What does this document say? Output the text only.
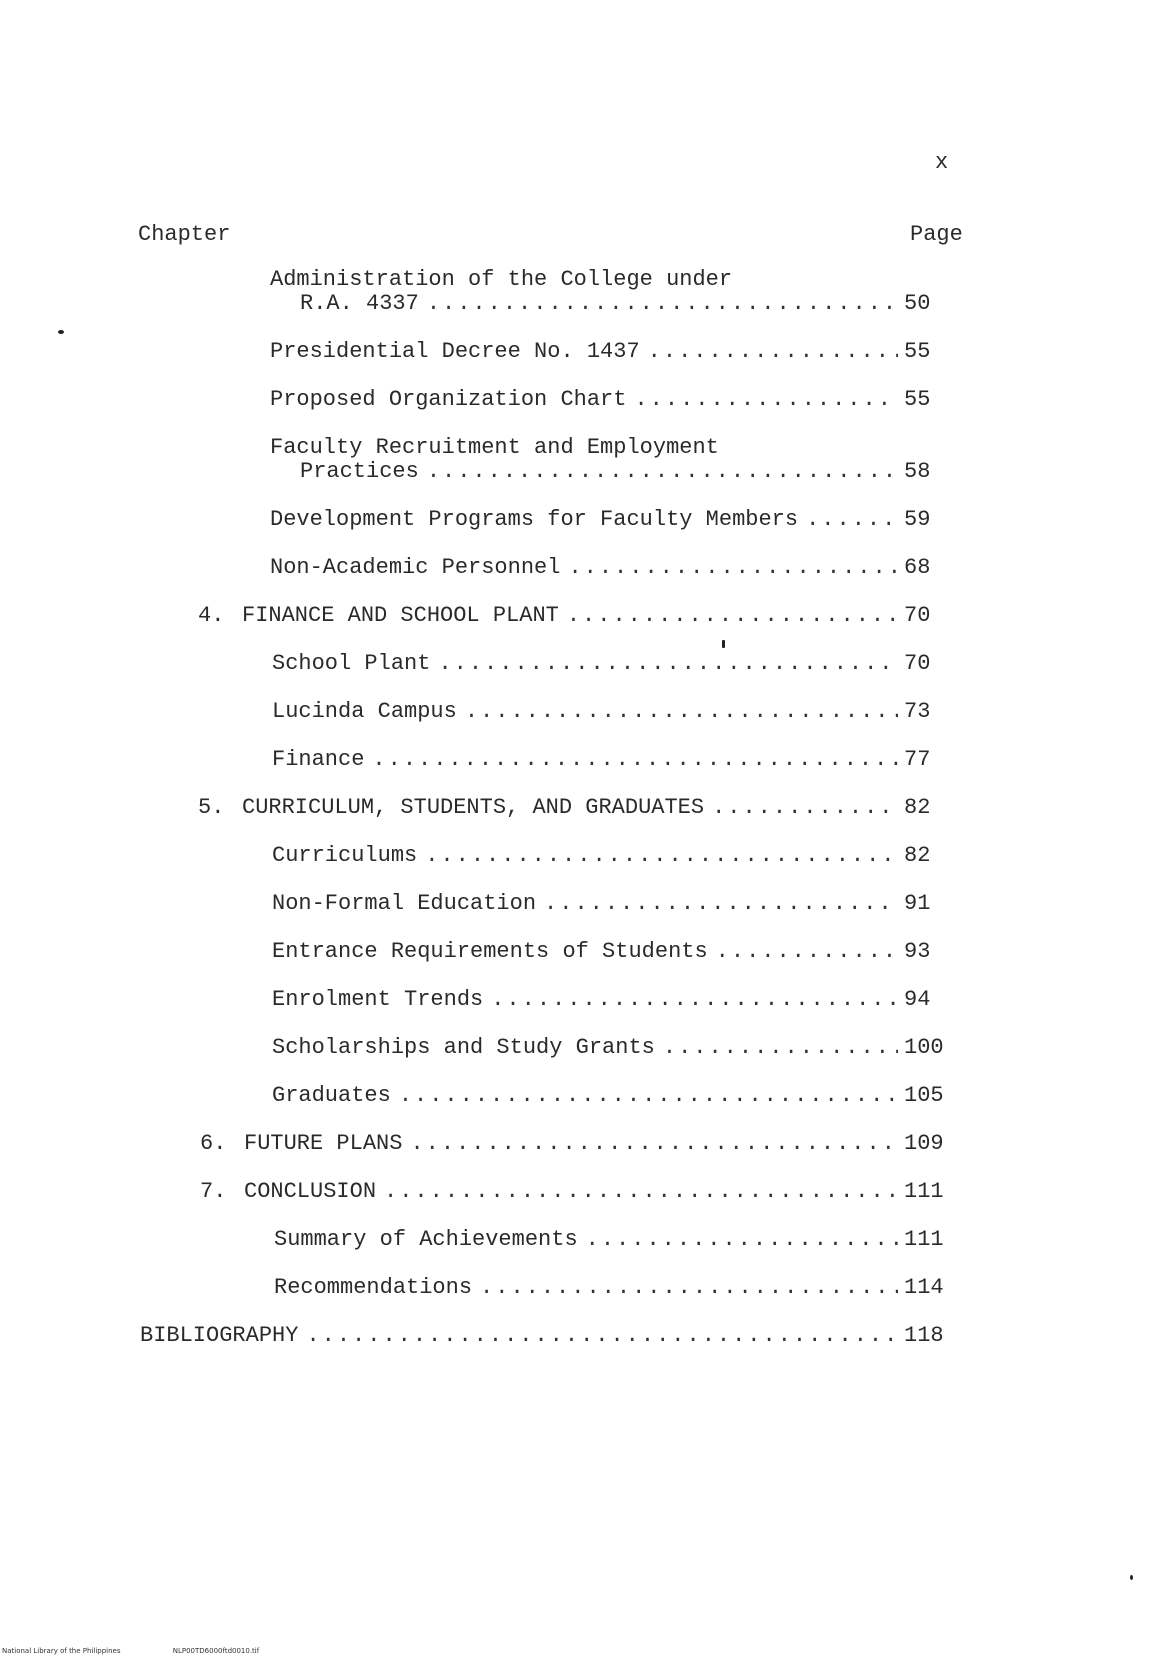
x
Chapter	Page
Administration of the College under
R.A. 4337 .....	50
Presidential Decree No. 1437 .....	55
Proposed Organization Chart .....	55
Faculty Recruitment and Employment
Practices .....	58
Development Programs for Faculty Members .....	59
Non-Academic Personnel .....	68
4. FINANCE AND SCHOOL PLANT .....	70
School Plant .....	70
Lucinda Campus .....	73
Finance .....	77
5. CURRICULUM, STUDENTS, AND GRADUATES .....	82
Curriculums .....	82
Non-Formal Education .....	91
Entrance Requirements of Students .....	93
Enrolment Trends .....	94
Scholarships and Study Grants .....	100
Graduates .....	105
6. FUTURE PLANS .....	109
7. CONCLUSION .....	111
Summary of Achievements .....	111
Recommendations .....	114
BIBLIOGRAPHY .....	118
National Library of the Philippines	NLP00TD6000ftd0010.tif
